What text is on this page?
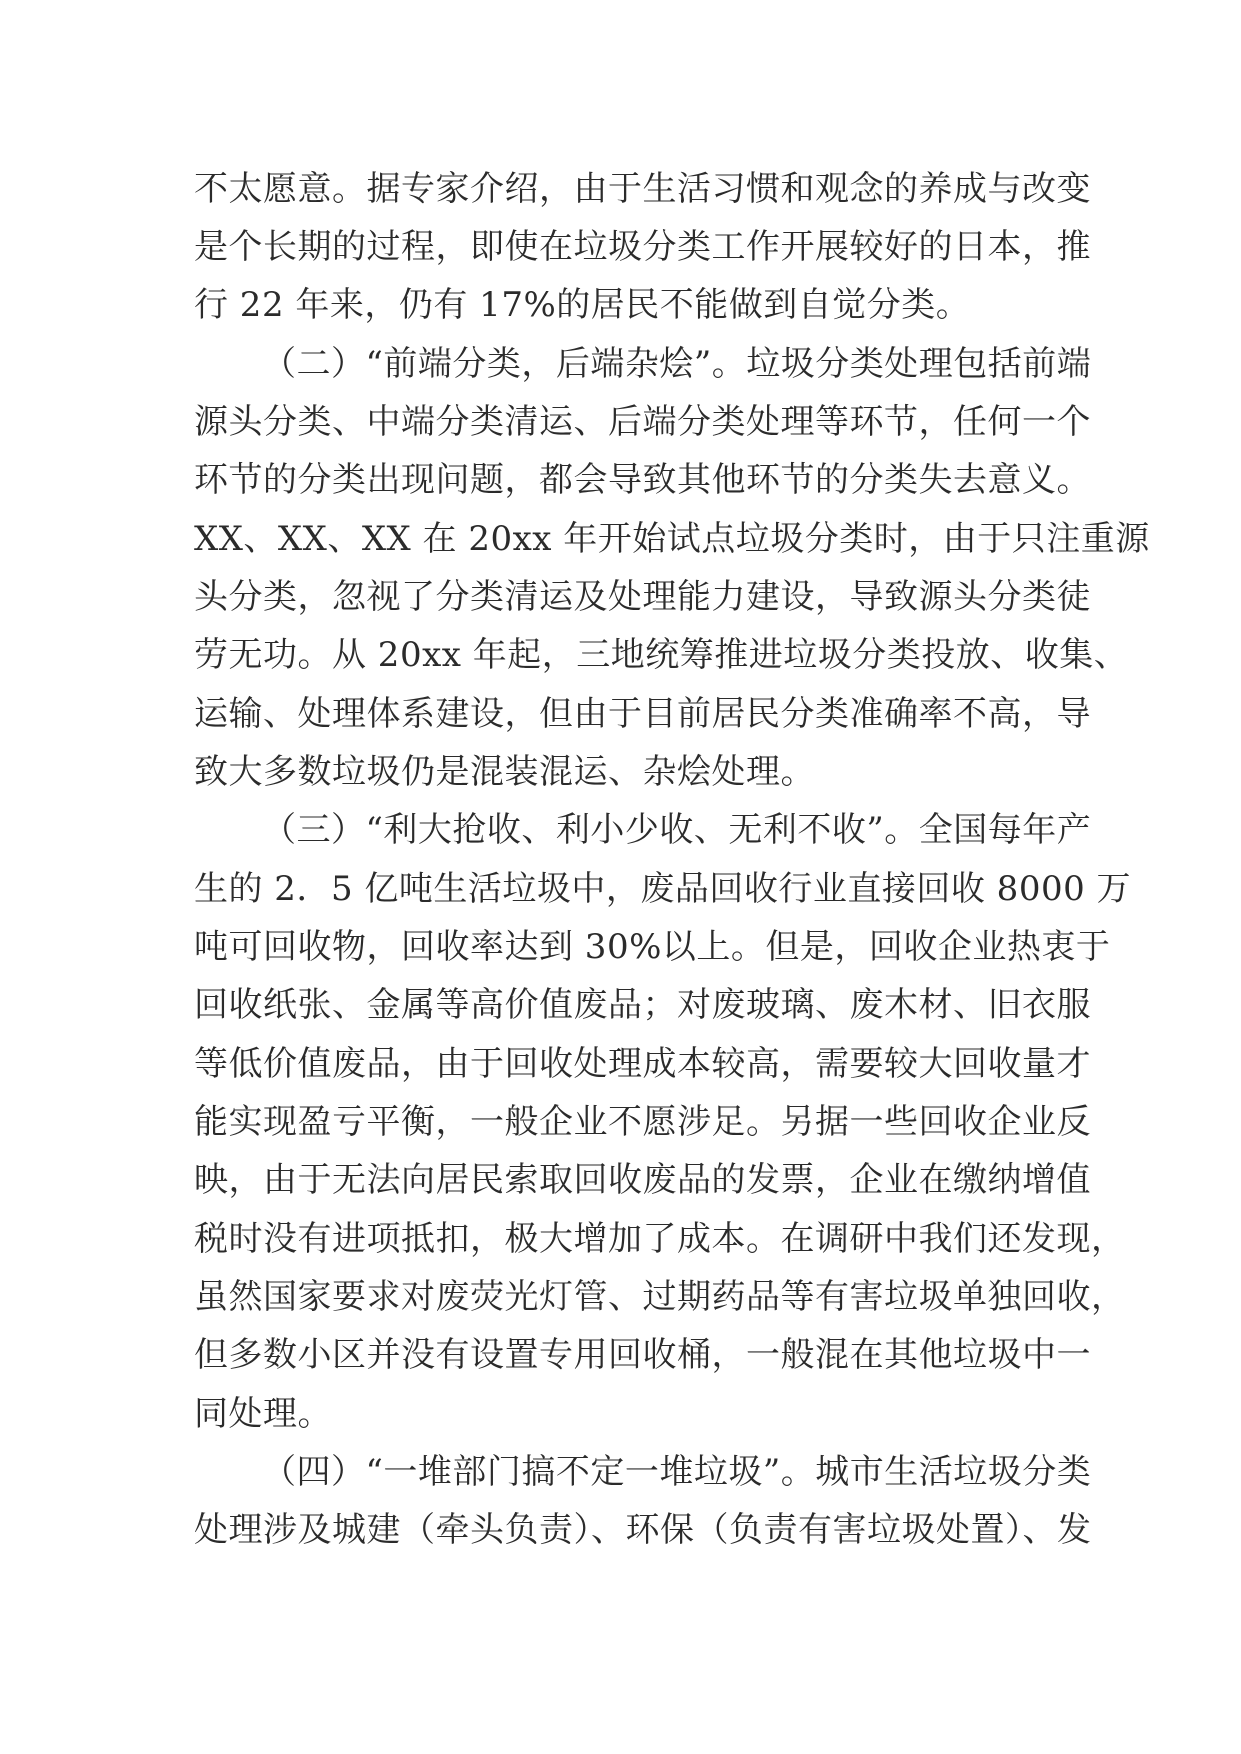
不太愿意。据专家介绍，由于生活习惯和观念的养成与改变
是个长期的过程，即使在垃圾分类工作开展较好的日本，推
行 22 年来，仍有 17%的居民不能做到自觉分类。
（二）“前端分类，后端杂烩”。垃圾分类处理包括前端
源头分类、中端分类清运、后端分类处理等环节，任何一个
环节的分类出现问题，都会导致其他环节的分类失去意义。
XX、XX、XX 在 20xx 年开始试点垃圾分类时，由于只注重源
头分类，忽视了分类清运及处理能力建设，导致源头分类徒
劳无功。从 20xx 年起，三地统筹推进垃圾分类投放、收集、
运输、处理体系建设，但由于目前居民分类准确率不高，导
致大多数垃圾仍是混装混运、杂烩处理。
（三）“利大抢收、利小少收、无利不收”。全国每年产
生的 2．5 亿吨生活垃圾中，废品回收行业直接回收 8000 万
吨可回收物，回收率达到 30%以上。但是，回收企业热衷于
回收纸张、金属等高价值废品；对废玻璃、废木材、旧衣服
等低价值废品，由于回收处理成本较高，需要较大回收量才
能实现盈亏平衡，一般企业不愿涉足。另据一些回收企业反
映，由于无法向居民索取回收废品的发票，企业在缴纳增值
税时没有进项抵扣，极大增加了成本。在调研中我们还发现，
虽然国家要求对废荧光灯管、过期药品等有害垃圾单独回收，
但多数小区并没有设置专用回收桶，一般混在其他垃圾中一
同处理。
（四）“一堆部门搞不定一堆垃圾”。城市生活垃圾分类
处理涉及城建（牵头负责）、环保（负责有害垃圾处置）、发
